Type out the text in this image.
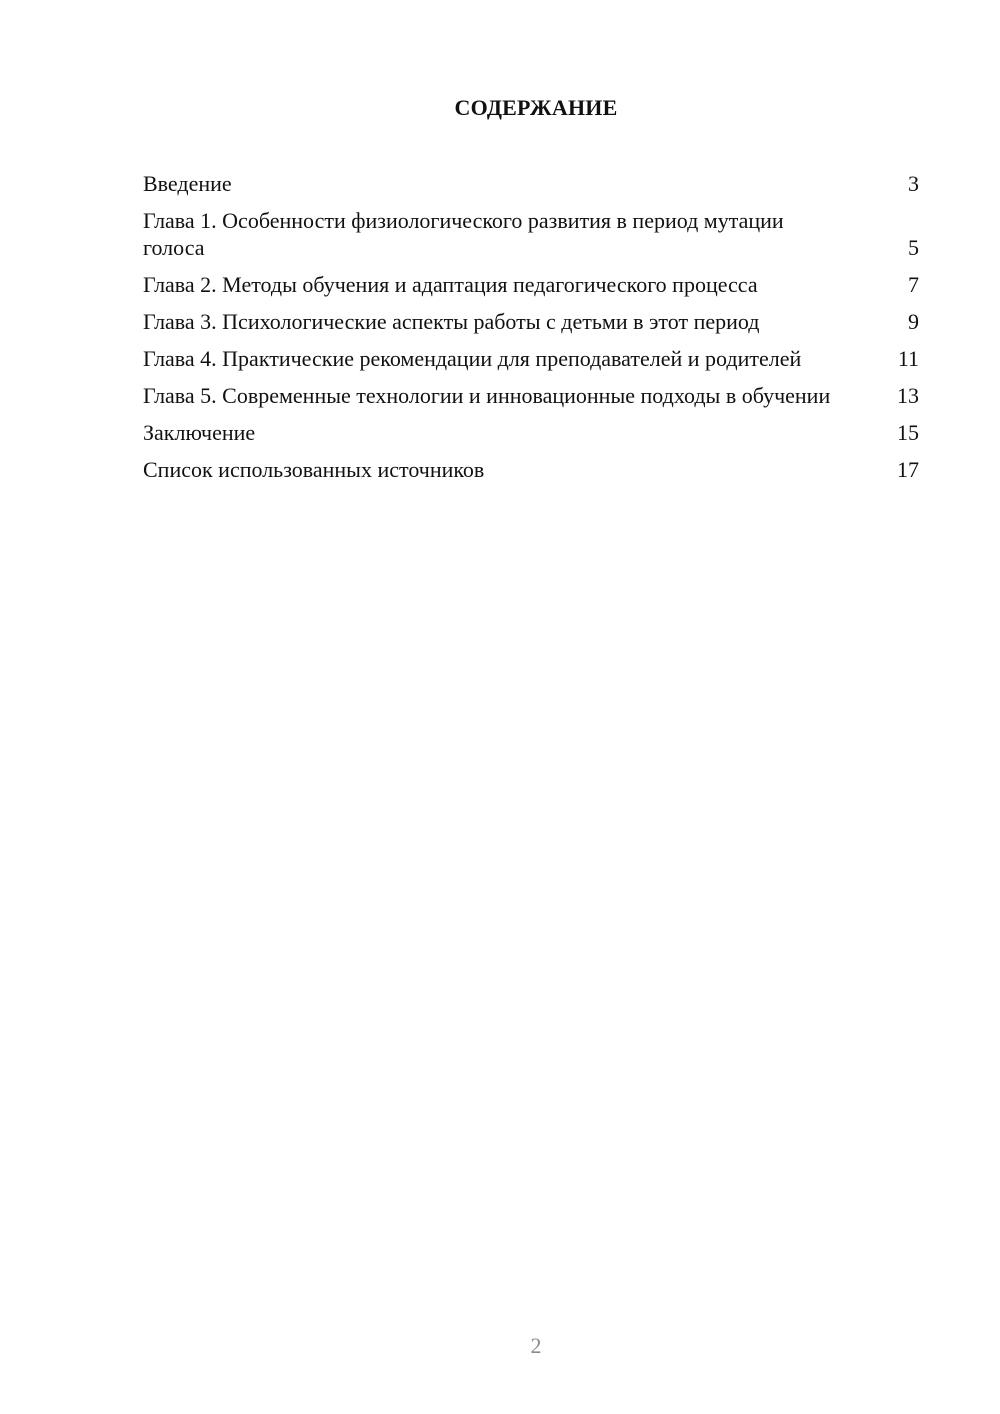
СОДЕРЖАНИЕ
Введение	3
Глава 1. Особенности физиологического развития в период мутации голоса	5
Глава 2. Методы обучения и адаптация педагогического процесса	7
Глава 3. Психологические аспекты работы с детьми в этот период	9
Глава 4. Практические рекомендации для преподавателей и родителей	11
Глава 5. Современные технологии и инновационные подходы в обучении	13
Заключение	15
Список использованных источников	17
2
